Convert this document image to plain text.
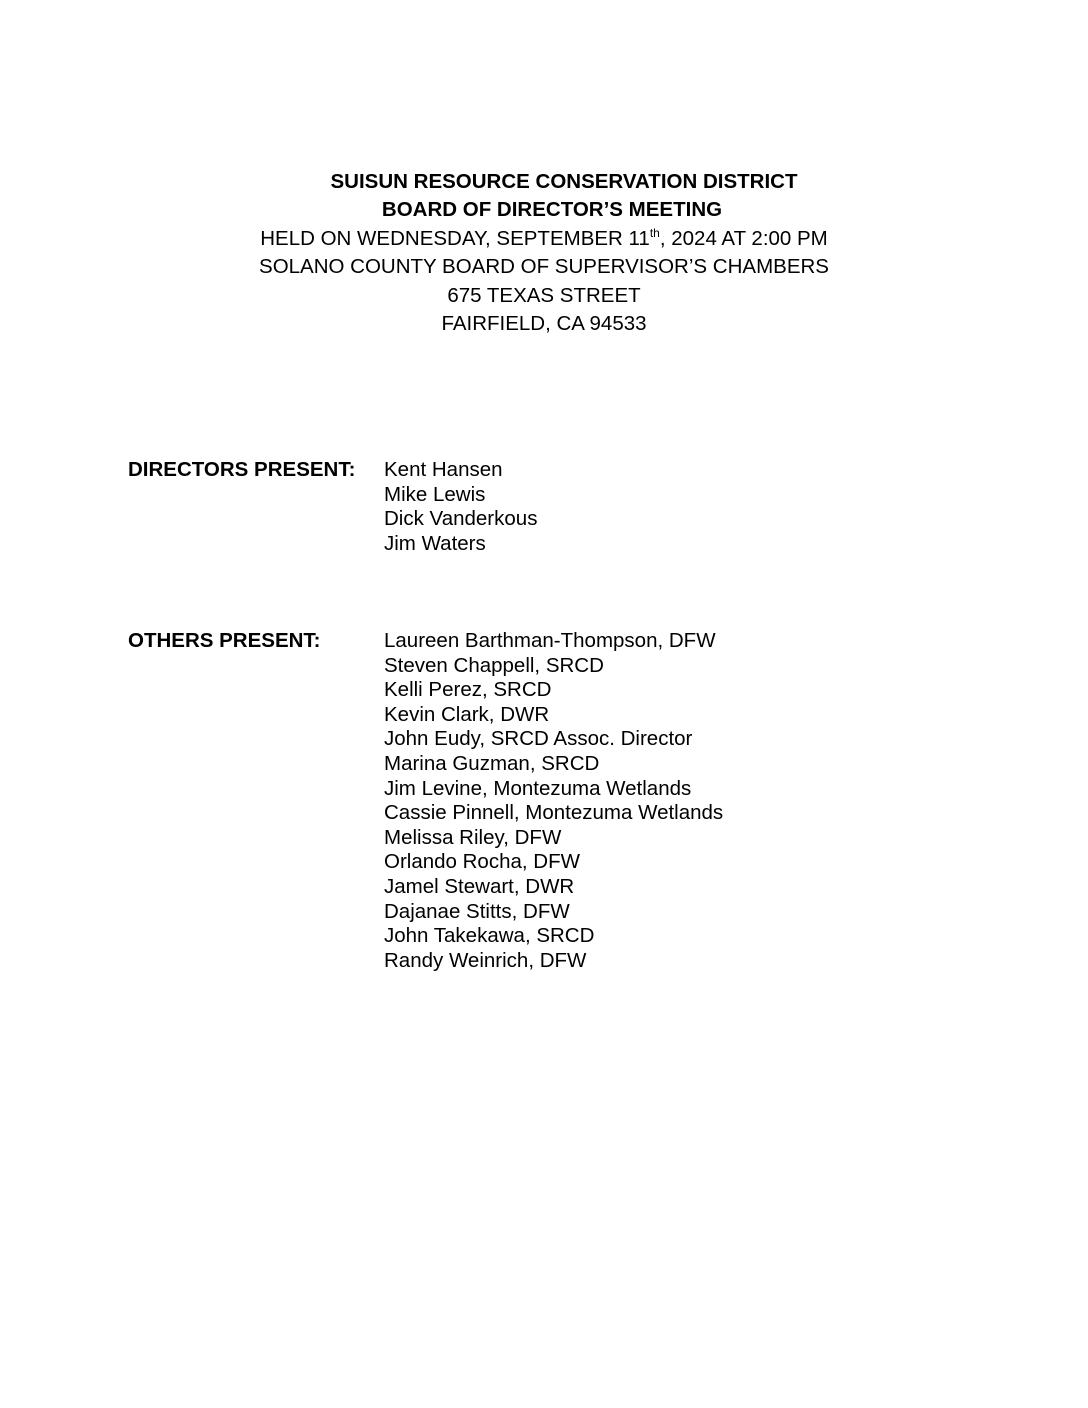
SUISUN RESOURCE CONSERVATION DISTRICT
BOARD OF DIRECTOR’S MEETING
HELD ON WEDNESDAY, SEPTEMBER 11th, 2024 AT 2:00 PM
SOLANO COUNTY BOARD OF SUPERVISOR’S CHAMBERS
675 TEXAS STREET
FAIRFIELD, CA 94533
DIRECTORS PRESENT: Kent Hansen
Mike Lewis
Dick Vanderkous
Jim Waters
OTHERS PRESENT:	Laureen Barthman-Thompson, DFW
Steven Chappell, SRCD
Kelli Perez, SRCD
Kevin Clark, DWR
John Eudy, SRCD Assoc. Director
Marina Guzman, SRCD
Jim Levine, Montezuma Wetlands
Cassie Pinnell, Montezuma Wetlands
Melissa Riley, DFW
Orlando Rocha, DFW
Jamel Stewart, DWR
Dajanae Stitts, DFW
John Takekawa, SRCD
Randy Weinrich, DFW
